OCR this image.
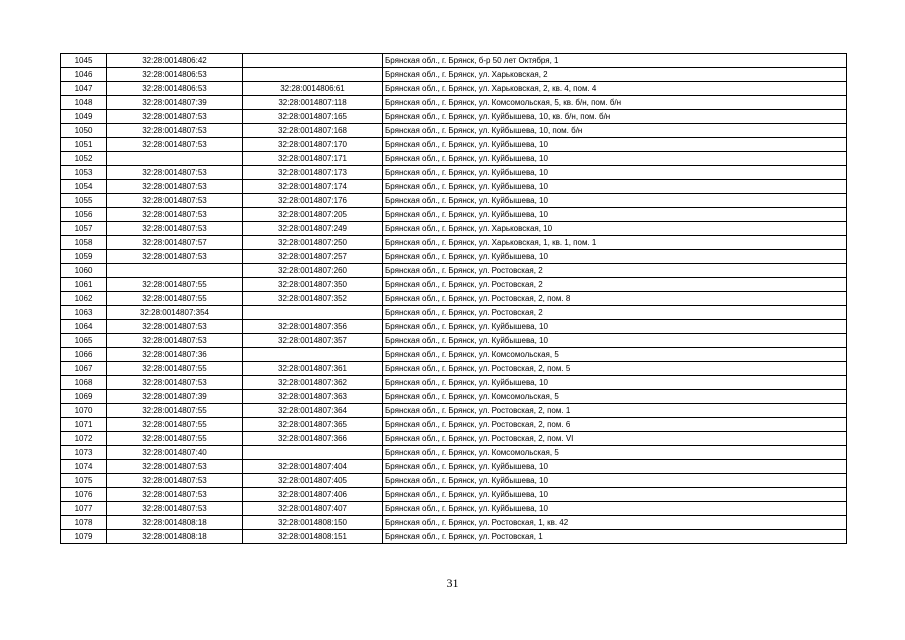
1045	32:28:0014806:42		Брянская обл., г. Брянск, б-р 50 лет Октября, 1
1046	32:28:0014806:53		Брянская обл., г. Брянск, ул. Харьковская, 2
1047	32:28:0014806:53	32:28:0014806:61	Брянская обл., г. Брянск, ул. Харьковская, 2, кв. 4, пом. 4
1048	32:28:0014807:39	32:28:0014807:118	Брянская обл., г. Брянск, ул. Комсомольская, 5, кв. б/н, пом. б/н
1049	32:28:0014807:53	32:28:0014807:165	Брянская обл., г. Брянск, ул. Куйбышева, 10, кв. б/н, пом. б/н
1050	32:28:0014807:53	32:28:0014807:168	Брянская обл., г. Брянск, ул. Куйбышева, 10, пом. б/н
1051	32:28:0014807:53	32:28:0014807:170	Брянская обл., г. Брянск, ул. Куйбышева, 10
1052		32:28:0014807:171	Брянская обл., г. Брянск, ул. Куйбышева, 10
1053	32:28:0014807:53	32:28:0014807:173	Брянская обл., г. Брянск, ул. Куйбышева, 10
1054	32:28:0014807:53	32:28:0014807:174	Брянская обл., г. Брянск, ул. Куйбышева, 10
1055	32:28:0014807:53	32:28:0014807:176	Брянская обл., г. Брянск, ул. Куйбышева, 10
1056	32:28:0014807:53	32:28:0014807:205	Брянская обл., г. Брянск, ул. Куйбышева, 10
1057	32:28:0014807:53	32:28:0014807:249	Брянская обл., г. Брянск, ул. Харьковская, 10
1058	32:28:0014807:57	32:28:0014807:250	Брянская обл., г. Брянск, ул. Харьковская, 1, кв. 1, пом. 1
1059	32:28:0014807:53	32:28:0014807:257	Брянская обл., г. Брянск, ул. Куйбышева, 10
1060		32:28:0014807:260	Брянская обл., г. Брянск, ул. Ростовская, 2
1061	32:28:0014807:55	32:28:0014807:350	Брянская обл., г. Брянск, ул. Ростовская, 2
1062	32:28:0014807:55	32:28:0014807:352	Брянская обл., г. Брянск, ул. Ростовская, 2, пом. 8
1063	32:28:0014807:354		Брянская обл., г. Брянск, ул. Ростовская, 2
1064	32:28:0014807:53	32:28:0014807:356	Брянская обл., г. Брянск, ул. Куйбышева, 10
1065	32:28:0014807:53	32:28:0014807:357	Брянская обл., г. Брянск, ул. Куйбышева, 10
1066	32:28:0014807:36		Брянская обл., г. Брянск, ул. Комсомольская, 5
1067	32:28:0014807:55	32:28:0014807:361	Брянская обл., г. Брянск, ул. Ростовская, 2, пом. 5
1068	32:28:0014807:53	32:28:0014807:362	Брянская обл., г. Брянск, ул. Куйбышева, 10
1069	32:28:0014807:39	32:28:0014807:363	Брянская обл., г. Брянск, ул. Комсомольская, 5
1070	32:28:0014807:55	32:28:0014807:364	Брянская обл., г. Брянск, ул. Ростовская, 2, пом. 1
1071	32:28:0014807:55	32:28:0014807:365	Брянская обл., г. Брянск, ул. Ростовская, 2, пом. 6
1072	32:28:0014807:55	32:28:0014807:366	Брянская обл., г. Брянск, ул. Ростовская, 2, пом. VI
1073	32:28:0014807:40		Брянская обл., г. Брянск, ул. Комсомольская, 5
1074	32:28:0014807:53	32:28:0014807:404	Брянская обл., г. Брянск, ул. Куйбышева, 10
1075	32:28:0014807:53	32:28:0014807:405	Брянская обл., г. Брянск, ул. Куйбышева, 10
1076	32:28:0014807:53	32:28:0014807:406	Брянская обл., г. Брянск, ул. Куйбышева, 10
1077	32:28:0014807:53	32:28:0014807:407	Брянская обл., г. Брянск, ул. Куйбышева, 10
1078	32:28:0014808:18	32:28:0014808:150	Брянская обл., г. Брянск, ул. Ростовская, 1, кв. 42
1079	32:28:0014808:18	32:28:0014808:151	Брянская обл., г. Брянск, ул. Ростовская, 1
31
